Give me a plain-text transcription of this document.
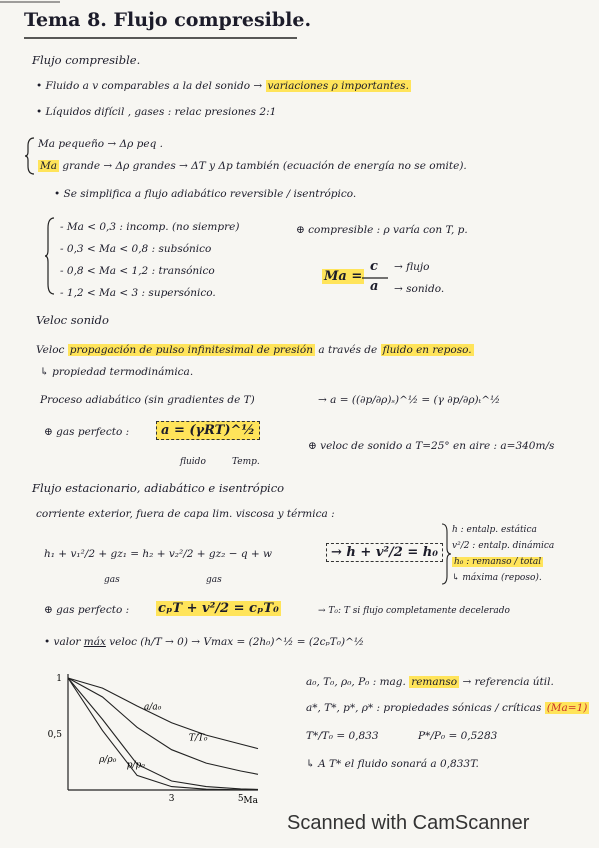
Tema 8. Flujo compresible.
Flujo compresible.
• Fluido a v comparables a la del sonido → variaciones ρ importantes.
• Líquidos difícil , gases : relac presiones 2:1
Ma pequeño → Δρ peq .
Ma grande → Δρ grandes → ΔT y Δp también (ecuación de energía no se omite).
• Se simplifica a flujo adiabático reversible / isentrópico.
- Ma < 0,3 : incomp. (no siempre)
- 0,3 < Ma < 0,8 : subsónico
- 0,8 < Ma < 1,2 : transónico
- 1,2 < Ma < 3 : supersónico.
⊕ compresible : ρ varía con T, p.
Ma =
c
a
→ flujo
→ sonido.
Veloc sonido
Veloc propagación de pulso infinitesimal de presión a través de fluido en reposo.
↳ propiedad termodinámica.
Proceso adiabático (sin gradientes de T)	→ a = ((∂p/∂ρ)ₛ)^½ = (γ ∂p/∂ρ)ₜ^½
⊕ gas perfecto :	a = (γRT)^½
fluido	Temp.
⊕ veloc de sonido a T=25° en aire : a=340m/s
Flujo estacionario, adiabático e isentrópico
corriente exterior, fuera de capa lim. viscosa y térmica :
h₁ + v₁²/2 + gz₁ = h₂ + v₂²/2 + gz₂ − q + w
gas	gas
→ h + v²/2 = h₀
h : entalp. estática
v²/2 : entalp. dinámica
h₀ : remanso / total
↳ máxima (reposo).
⊕ gas perfecto : cₚT + v²/2 = cₚT₀	→ T₀: T si flujo completamente decelerado
• valor máx veloc (h/T → 0) → Vmax = (2h₀)^½ = (2cₚT₀)^½
a/a₀
T/T₀
ρ/ρ₀
p/p₀
3	5
1
0,5
Ma
a₀, T₀, ρ₀, P₀ : mag. remanso → referencia útil.
a*, T*, p*, ρ* : propiedades sónicas / críticas (Ma=1)
T*/T₀ = 0,833	P*/P₀ = 0,5283
↳ A T* el fluido sonará a 0,833T.
Scanned with CamScanner
